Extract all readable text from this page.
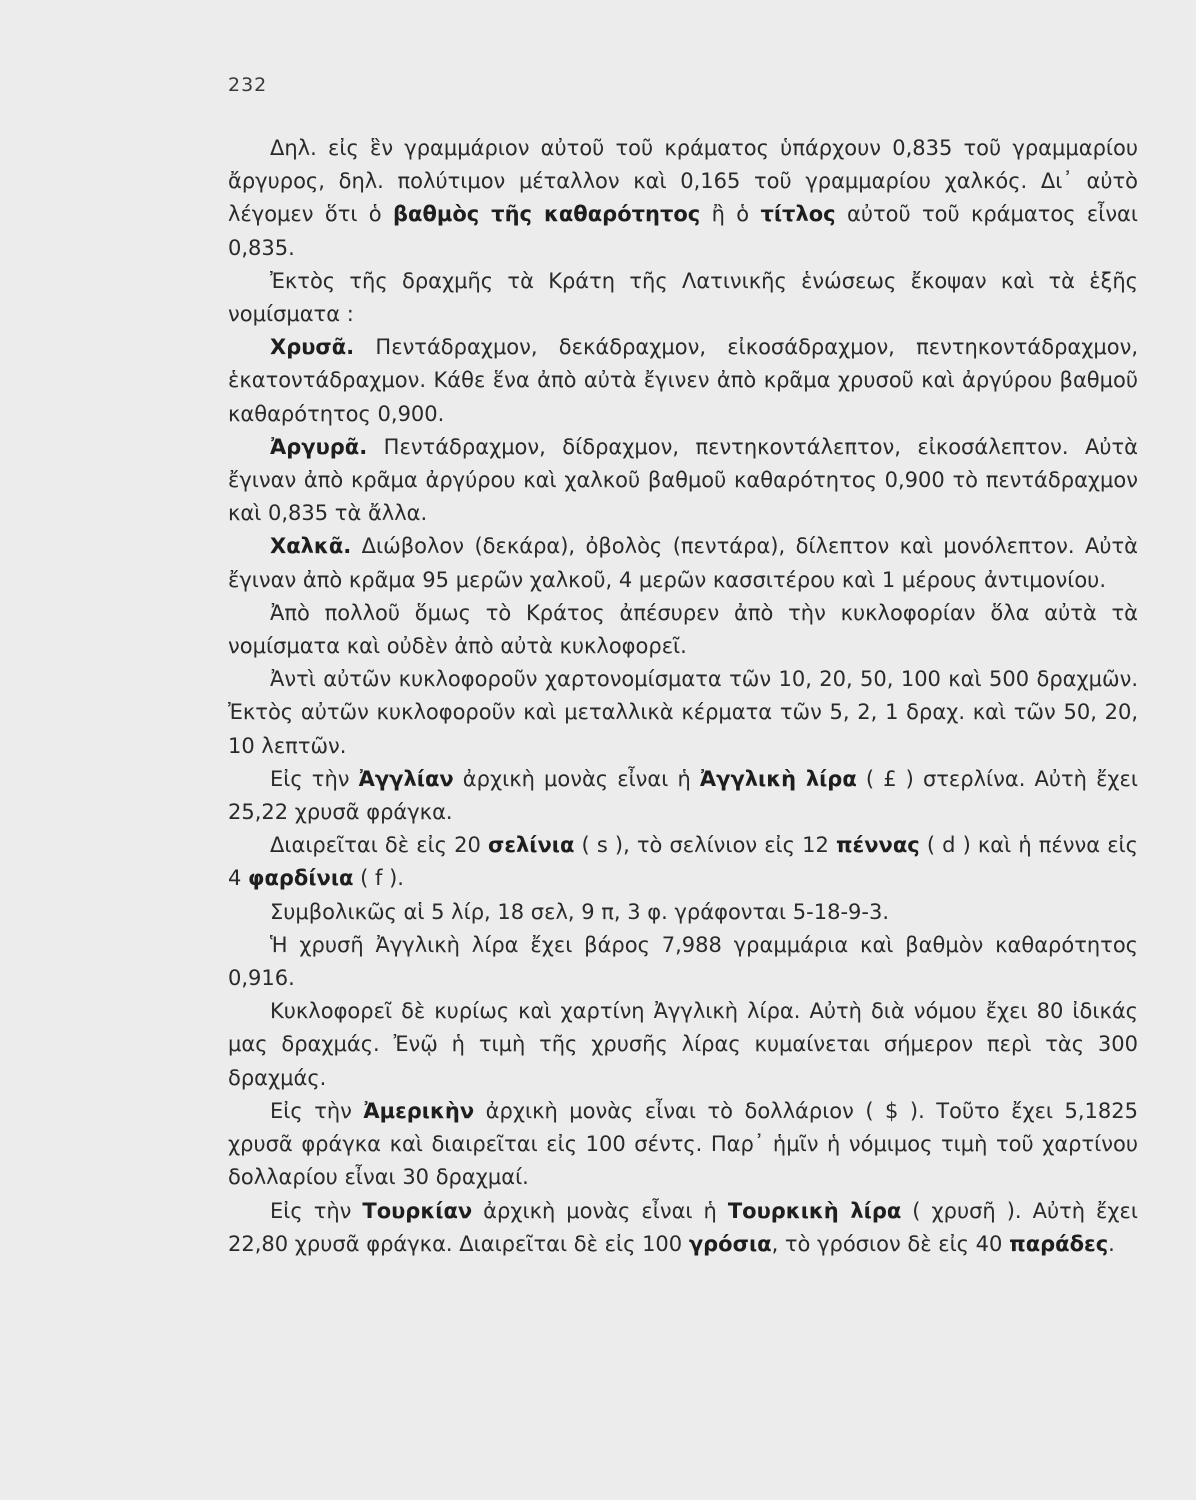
232

Δηλ. εἰς ἓν γραμμάριον αὐτοῦ τοῦ κράματος ὑπάρχουν 0,835 τοῦ γραμμαρίου ἄργυρος, δηλ. πολύτιμον μέταλλον καὶ 0,165 τοῦ γραμμαρίου χαλκός. Δι᾽ αὐτὸ λέγομεν ὅτι ὁ βαθμὸς τῆς καθαρότητος ἢ ὁ τίτλος αὐτοῦ τοῦ κράματος εἶναι 0,835.

Ἐκτὸς τῆς δραχμῆς τὰ Κράτη τῆς Λατινικῆς ἑνώσεως ἔκοψαν καὶ τὰ ἑξῆς νομίσματα :

Χρυσᾶ. Πεντάδραχμον, δεκάδραχμον, εἰκοσάδραχμον, πεντηκοντάδραχμον, ἑκατοντάδραχμον. Κάθε ἕνα ἀπὸ αὐτὰ ἔγινεν ἀπὸ κρᾶμα χρυσοῦ καὶ ἀργύρου βαθμοῦ καθαρότητος 0,900.

Ἀργυρᾶ. Πεντάδραχμον, δίδραχμον, πεντηκοντάλεπτον, εἰκοσάλεπτον. Αὐτὰ ἔγιναν ἀπὸ κρᾶμα ἀργύρου καὶ χαλκοῦ βαθμοῦ καθαρότητος 0,900 τὸ πεντάδραχμον καὶ 0,835 τὰ ἄλλα.

Χαλκᾶ. Διώβολον (δεκάρα), ὀβολὸς (πεντάρα), δίλεπτον καὶ μονόλεπτον. Αὐτὰ ἔγιναν ἀπὸ κρᾶμα 95 μερῶν χαλκοῦ, 4 μερῶν κασσιτέρου καὶ 1 μέρους ἀντιμονίου.

Ἀπὸ πολλοῦ ὅμως τὸ Κράτος ἀπέσυρεν ἀπὸ τὴν κυκλοφορίαν ὅλα αὐτὰ τὰ νομίσματα καὶ οὐδὲν ἀπὸ αὐτὰ κυκλοφορεῖ.

Ἀντὶ αὐτῶν κυκλοφοροῦν χαρτονομίσματα τῶν 10, 20, 50, 100 καὶ 500 δραχμῶν. Ἐκτὸς αὐτῶν κυκλοφοροῦν καὶ μεταλλικὰ κέρματα τῶν 5, 2, 1 δραχ. καὶ τῶν 50, 20, 10 λεπτῶν.

Εἰς τὴν Ἀγγλίαν ἀρχικὴ μονὰς εἶναι ἡ Ἀγγλικὴ λίρα ( £ ) στερλίνα. Αὐτὴ ἔχει 25,22 χρυσᾶ φράγκα.

Διαιρεῖται δὲ εἰς 20 σελίνια ( s ), τὸ σελίνιον εἰς 12 πέννας ( d ) καὶ ἡ πέννα εἰς 4 φαρδίνια ( f ).

Συμβολικῶς αἱ 5 λίρ, 18 σελ, 9 π, 3 φ. γράφονται 5-18-9-3.

Ἡ χρυσῆ Ἀγγλικὴ λίρα ἔχει βάρος 7,988 γραμμάρια καὶ βαθμὸν καθαρότητος 0,916.

Κυκλοφορεῖ δὲ κυρίως καὶ χαρτίνη Ἀγγλικὴ λίρα. Αὐτὴ διὰ νόμου ἔχει 80 ἰδικάς μας δραχμάς. Ἐνῷ ἡ τιμὴ τῆς χρυσῆς λίρας κυμαίνεται σήμερον περὶ τὰς 300 δραχμάς.

Εἰς τὴν Ἀμερικὴν ἀρχικὴ μονὰς εἶναι τὸ δολλάριον ( $ ). Τοῦτο ἔχει 5,1825 χρυσᾶ φράγκα καὶ διαιρεῖται εἰς 100 σέντς. Παρ᾽ ἡμῖν ἡ νόμιμος τιμὴ τοῦ χαρτίνου δολλαρίου εἶναι 30 δραχμαί.

Εἰς τὴν Τουρκίαν ἀρχικὴ μονὰς εἶναι ἡ Τουρκικὴ λίρα ( χρυσῆ ). Αὐτὴ ἔχει 22,80 χρυσᾶ φράγκα. Διαιρεῖται δὲ εἰς 100 γρόσια, τὸ γρόσιον δὲ εἰς 40 παράδες.
